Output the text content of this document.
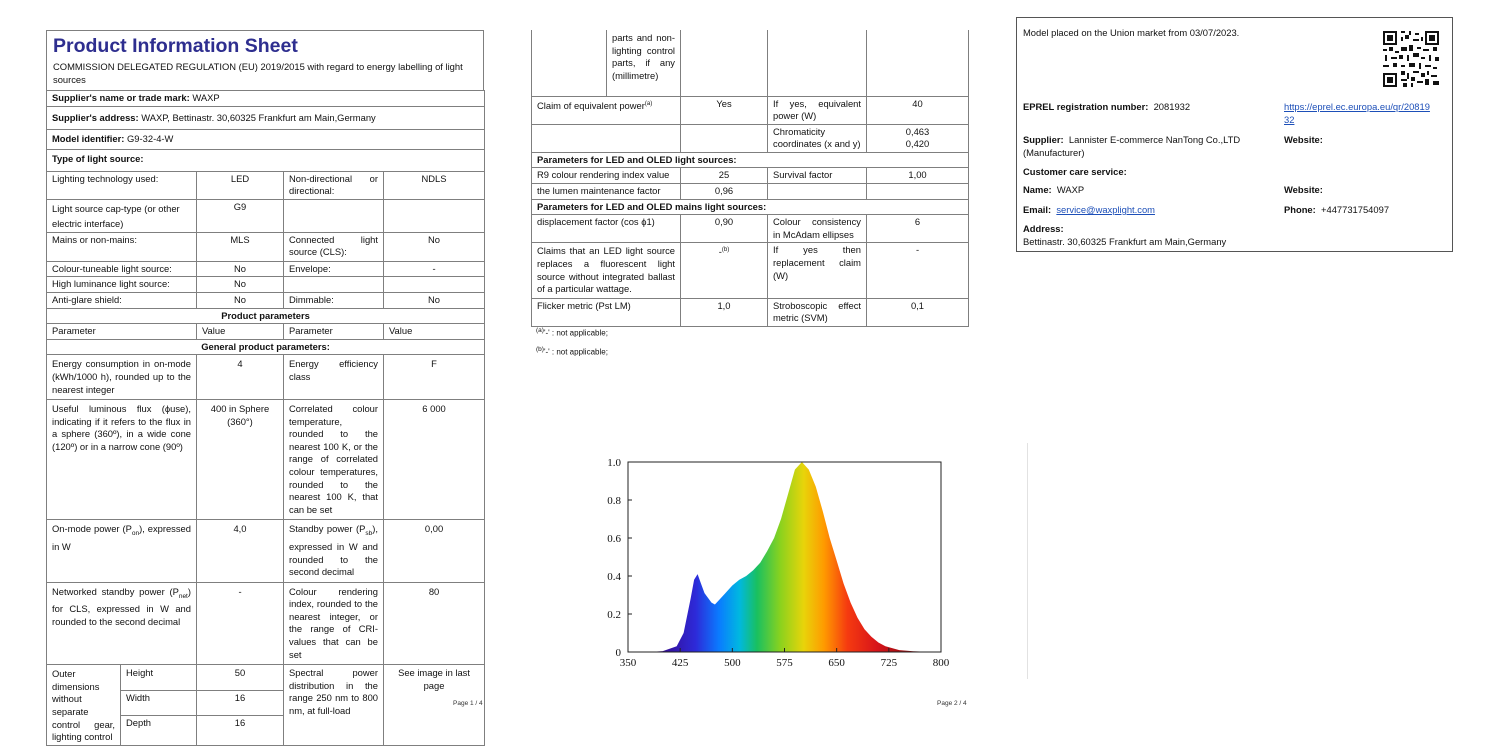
Product Information Sheet
COMMISSION DELEGATED REGULATION (EU) 2019/2015 with regard to energy labelling of light sources
Supplier's name or trade mark: WAXP				
Supplier's address: WAXP, Bettinastr. 30,60325 Frankfurt am Main,Germany				
Model identifier: G9-32-4-W				
Type of light source:				
Lighting technology used:		LED	Non-directional or directional:	NDLS
Light source cap-type (or other electric interface)		G9		
Mains or non-mains:		MLS	Connected light source (CLS):	No
Colour-tuneable light source:		No	Envelope:	-
High luminance light source:		No		
Anti-glare shield:		No	Dimmable:	No
Product parameters				
Parameter		Value	Parameter	Value
General product parameters:				
Energy consumption in on-mode (kWh/1000 h), rounded up to the nearest integer		4	Energy efficiency class	F
Useful luminous flux (ϕuse), indicating if it refers to the flux in a sphere (360º), in a wide cone (120º) or in a narrow cone (90º)		400 in Sphere (360°)	Correlated colour temperature, rounded to the nearest 100 K, or the range of correlated colour temperatures, rounded to the nearest 100 K, that can be set	6 000
On-mode power $(P_{on})$, expressed in W		4,0	Standby power $(P_{sb})$, expressed in W and rounded to the second decimal	0,00
Networked standby power $(P_{net})$ for CLS, expressed in W and rounded to the second decimal		-	Colour rendering index, rounded to the nearest integer, or the range of CRI-values that can be set	80
Outer dimensions without separate control gear, lighting control	Height	50	Spectral power distribution in the range 250 nm to 800 nm, at full-load	See image in last page
	Width	16		
	Depth	16		
Page 1 / 4
	parts and non-lighting control parts, if any (millimetre)			
Claim of equivalent power$^{(a)}$		Yes	If yes, equivalent power (W)	40
			Chromaticity coordinates (x and y)	0,463
0,420

Parameters for LED and OLED light sources:				
R9 colour rendering index value		25	Survival factor	1,00
the lumen maintenance factor		0,96		
Parameters for LED and OLED mains light sources:				
displacement factor (cos ϕ1)		0,90	Colour consistency in McAdam ellipses	6
Claims that an LED light source replaces a fluorescent light source without integrated ballast of a particular wattage.		-$^{(b)}$	If yes then replacement claim (W)	-
Flicker metric (Pst LM)		1,0	Stroboscopic effect metric (SVM)	0,1
$^{(a)}$'-' : not applicable;
$^{(b)}$'-' : not applicable;
Page 2 / 4
Model placed on the Union market from 03/07/2023.
EPREL registration number: 2081932	https://eprel.ec.europa.eu/qr/2081932
Supplier: Lannister E-commerce NanTong Co.,LTD (Manufacturer)
Website:
Customer care service:
Name: WAXP	Website:
Email: service@waxplight.com	Phone: +447731754097
Address:
Bettinastr. 30,60325 Frankfurt am Main,Germany
350	425	500	575	650	725	800
0
0.2
0.4
0.6
0.8
1.0
